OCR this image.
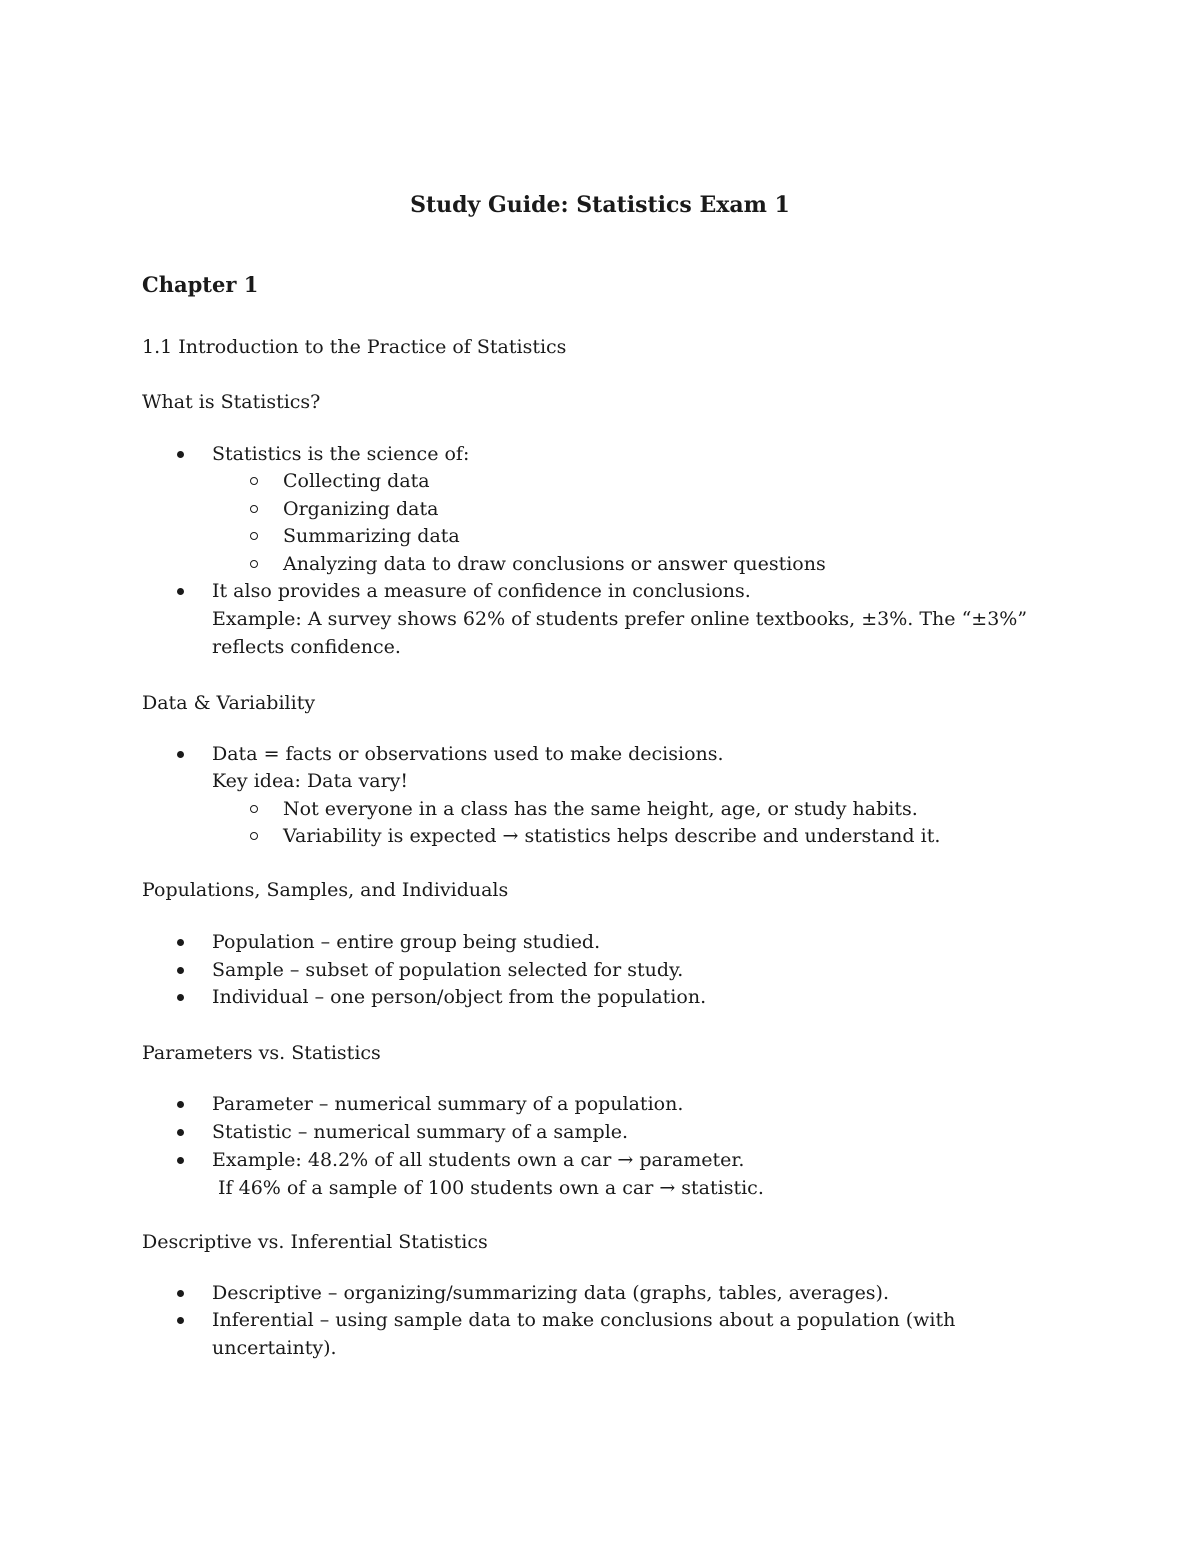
Study Guide: Statistics Exam 1
Chapter 1
1.1 Introduction to the Practice of Statistics
What is Statistics?
Statistics is the science of:
Collecting data
Organizing data
Summarizing data
Analyzing data to draw conclusions or answer questions
It also provides a measure of confidence in conclusions.
Example: A survey shows 62% of students prefer online textbooks, ±3%. The “±3%”
reflects confidence.
Data & Variability
Data = facts or observations used to make decisions.
Key idea: Data vary!
Not everyone in a class has the same height, age, or study habits.
Variability is expected → statistics helps describe and understand it.
Populations, Samples, and Individuals
Population – entire group being studied.
Sample – subset of population selected for study.
Individual – one person/object from the population.
Parameters vs. Statistics
Parameter – numerical summary of a population.
Statistic – numerical summary of a sample.
Example: 48.2% of all students own a car → parameter.
If 46% of a sample of 100 students own a car → statistic.
Descriptive vs. Inferential Statistics
Descriptive – organizing/summarizing data (graphs, tables, averages).
Inferential – using sample data to make conclusions about a population (with
uncertainty).
